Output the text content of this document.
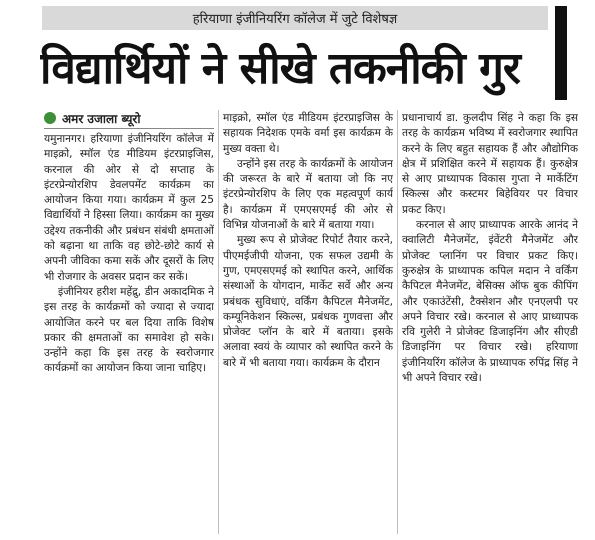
हरियाणा इंजीनियरिंग कॉलेज में जुटे विशेषज्ञ
विद्यार्थियों ने सीखे तकनीकी गुर
अमर उजाला ब्यूरो

यमुनानगर। हरियाणा इंजीनियरिंग कॉलेज में माइक्रो, स्मॉल एंड मीडियम इंटरप्राइजिस, करनाल की ओर से दो सप्ताह के इंटरप्रेन्योरशिप डेवलपमेंट कार्यक्रम का आयोजन किया गया। कार्यक्रम में कुल 25 विद्यार्थियों ने हिस्सा लिया। कार्यक्रम का मुख्य उद्देश्य तकनीकी और प्रबंधन संबंधी क्षमताओं को बढ़ाना था ताकि वह छोटे-छोटे कार्य से अपनी जीविका कमा सकें और दूसरों के लिए भी रोजगार के अवसर प्रदान कर सकें।

इंजीनियर हरीश महेंद्रु, डीन अकादमिक ने इस तरह के कार्यक्रमों को ज्यादा से ज्यादा आयोजित करने पर बल दिया ताकि विशेष प्रकार की क्षमताओं का समावेश हो सके। उन्होंने कहा कि इस तरह के स्वरोजगार कार्यक्रमों का आयोजन किया जाना चाहिए।

माइक्रो, स्मॉल एंड मीडियम इंटरप्राइजिस के सहायक निदेशक एमके वर्मा इस कार्यक्रम के मुख्य वक्ता थे।

उन्होंने इस तरह के कार्यक्रमों के आयोजन की जरूरत के बारे में बताया जो कि नए इंटरप्रेन्योरशिप के लिए एक महत्वपूर्ण कार्य है। कार्यक्रम में एमएसएमई की ओर से विभिन्न योजनाओं के बारे में बताया गया।

मुख्य रूप से प्रोजेक्ट रिपोर्ट तैयार करने, पीएमईजीपी योजना, एक सफल उद्यमी के गुण, एमएसएमई को स्थापित करने, आर्थिक संस्थाओं के योगदान, मार्केट सर्वे और अन्य प्रबंधक सुविधाएं, वर्किंग कैपिटल मैनेजमेंट, कम्यूनिकेशन स्किल्स, प्रबंधक गुणवत्ता और प्रोजेक्ट प्लॉन के बारे में बताया। इसके अलावा स्वयं के व्यापार को स्थापित करने के बारे में भी बताया गया। कार्यक्रम के दौरान

प्रधानाचार्य डा. कुलदीप सिंह ने कहा कि इस तरह के कार्यक्रम भविष्य में स्वरोजगार स्थापित करने के लिए बहुत सहायक हैं और औद्योगिक क्षेत्र में प्रशिक्षित करने में सहायक हैं। कुरुक्षेत्र से आए प्राध्यापक विकास गुप्ता ने मार्केटिंग स्किल्स और कस्टमर बिहेवियर पर विचार प्रकट किए।

करनाल से आए प्राध्यापक आरके आनंद ने क्वालिटी मैनेजमेंट, इंवेंटरी मैनेजमेंट और प्रोजेक्ट प्लानिंग पर विचार प्रकट किए। कुरुक्षेत्र के प्राध्यापक कपिल मदान ने वर्किंग कैपिटल मैनेजमेंट, बेसिक्स ऑफ बुक कीपिंग और एकाउंटेंसी, टैक्सेशन और एनएलपी पर अपने विचार रखे। करनाल से आए प्राध्यापक रवि गुलेरी ने प्रोजेक्ट डिजाइनिंग और सीएडी डिजाइनिंग पर विचार रखे। हरियाणा इंजीनियरिंग कॉलेज के प्राध्यापक रुपिंद्र सिंह ने भी अपने विचार रखे।
